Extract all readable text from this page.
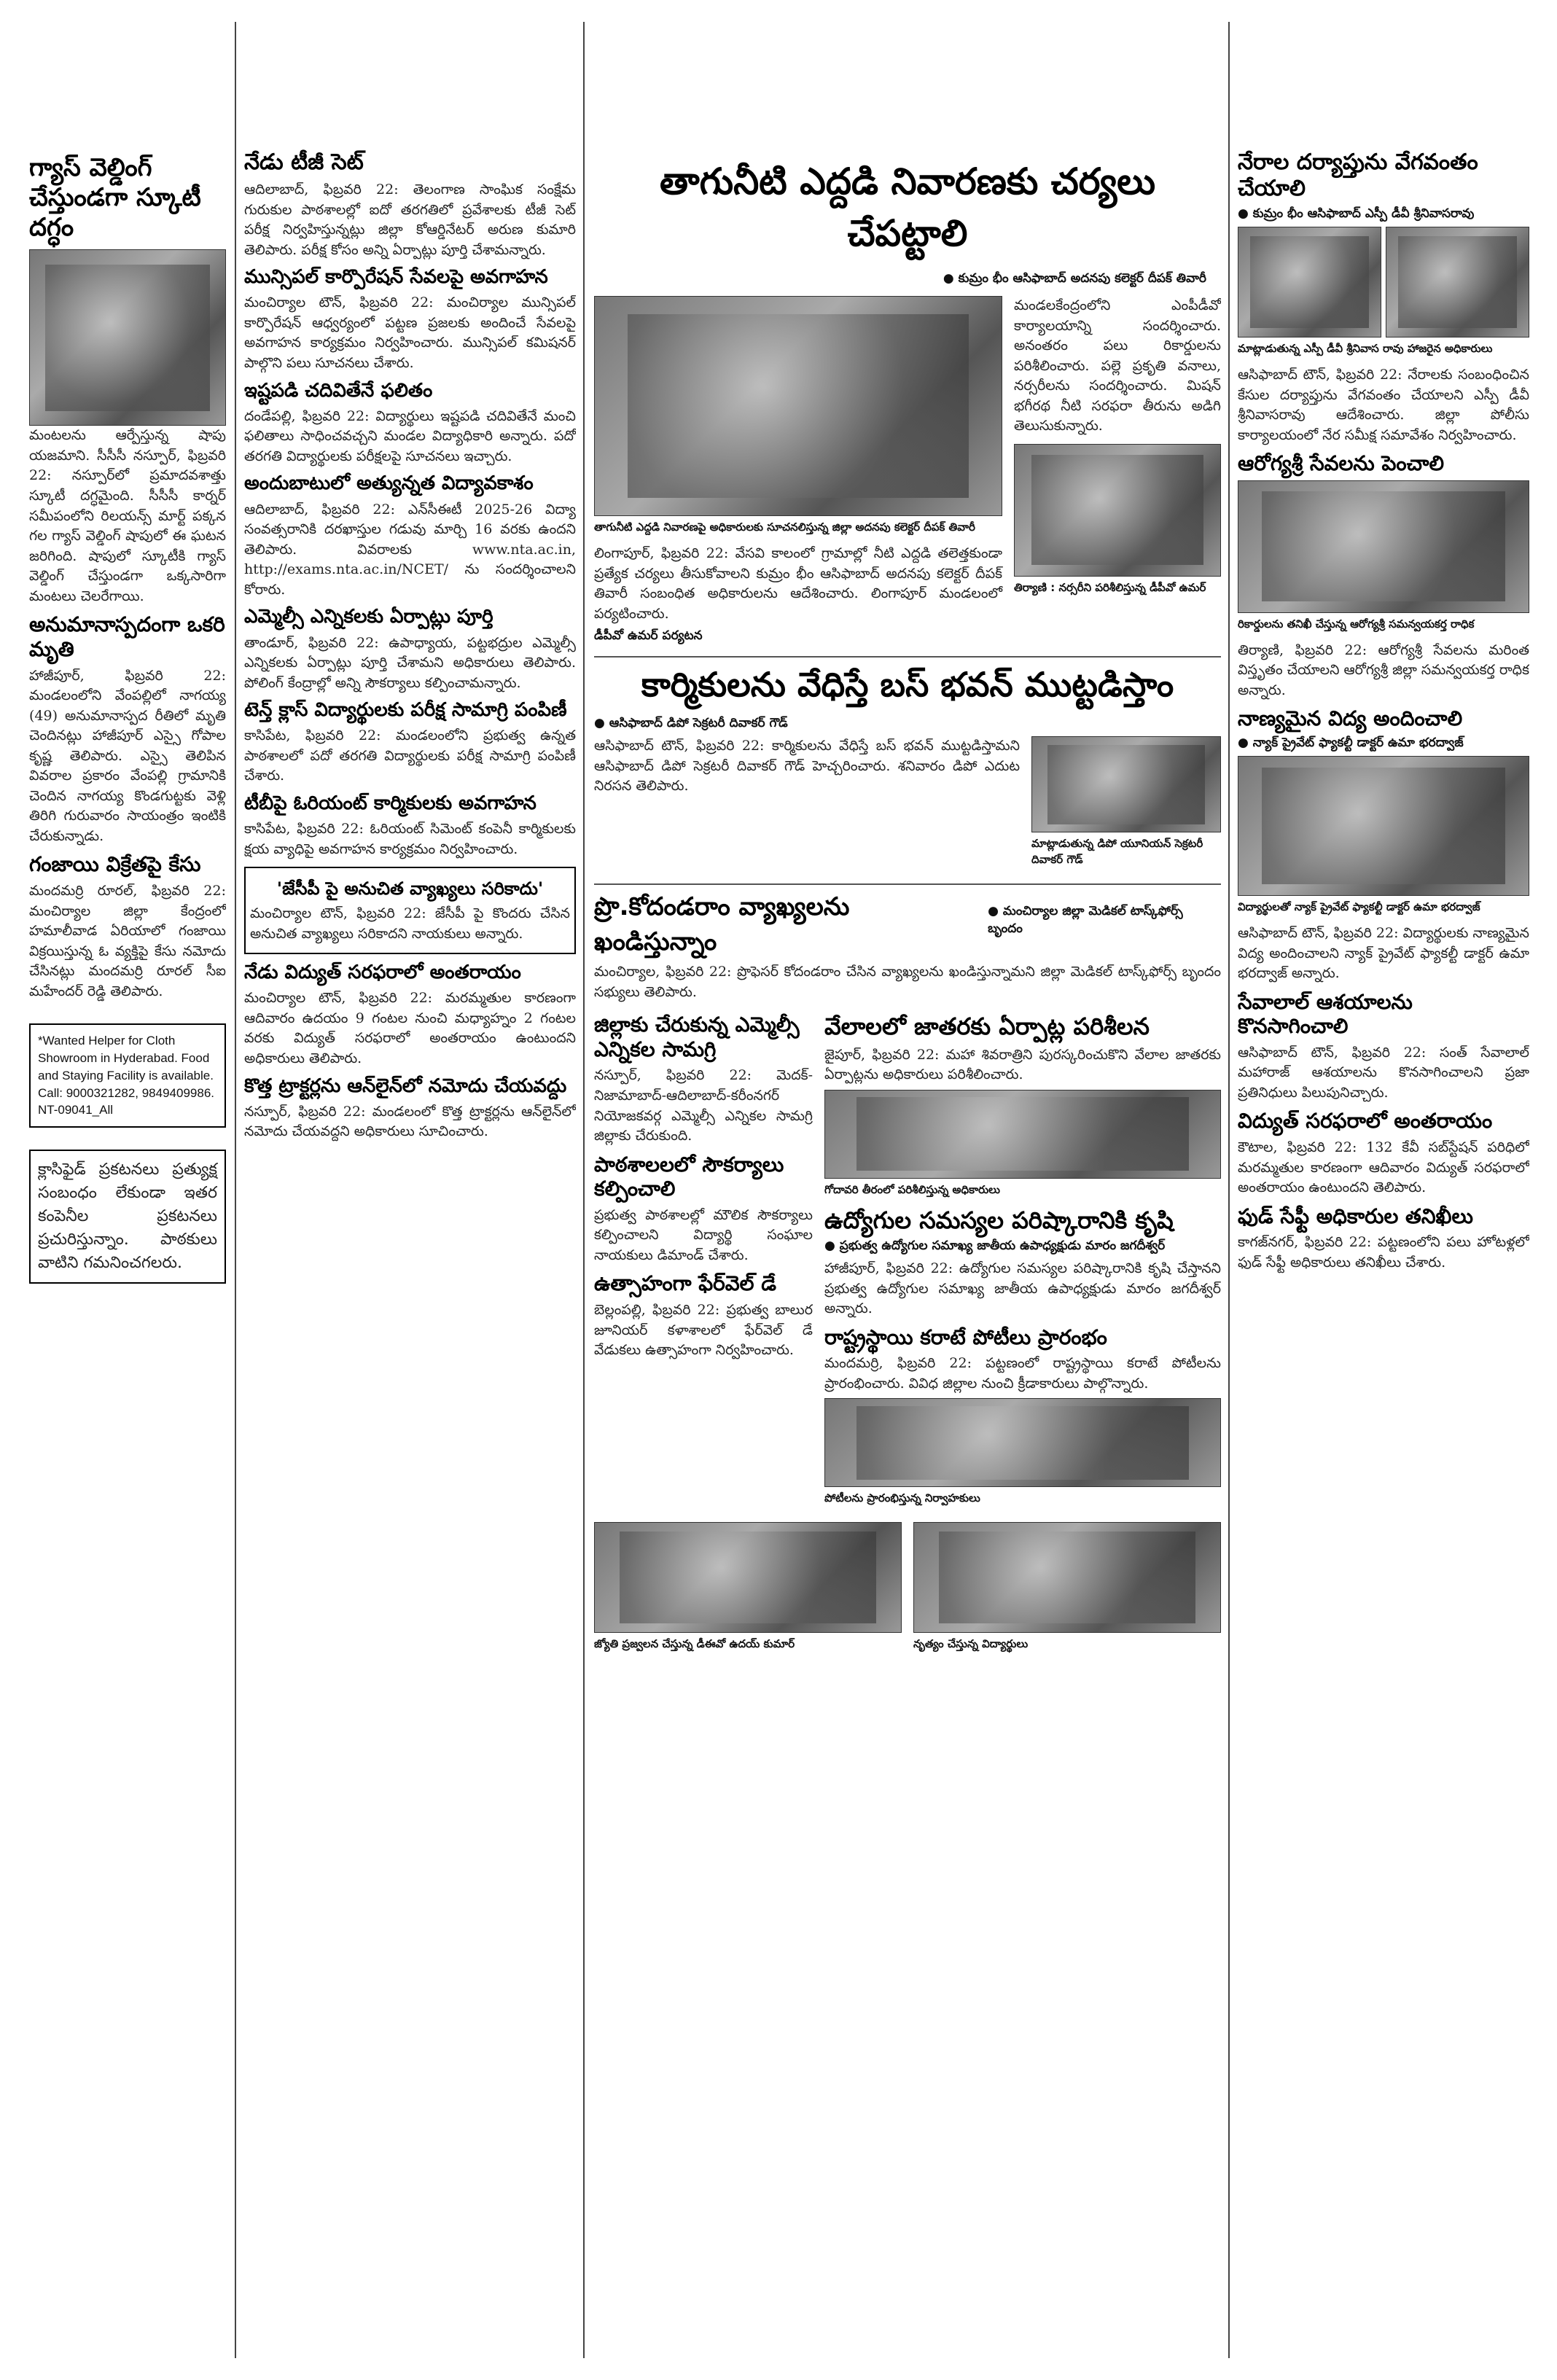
గ్యాస్ వెల్డింగ్ చేస్తుండగా స్కూటీ దగ్ధం

మంటలను ఆర్పేస్తున్న షాపు యజమాని. సీసీసీ నస్పూర్, ఫిబ్రవరి 22: నస్పూర్‌లో ప్రమాదవశాత్తు స్కూటీ దగ్ధమైంది. సీసీసీ కార్నర్ సమీపంలోని రిలయన్స్ మార్ట్ పక్కన గల గ్యాస్ వెల్డింగ్ షాపులో ఈ ఘటన జరిగింది. షాపులో స్కూటీకి గ్యాస్ వెల్డింగ్ చేస్తుండగా ఒక్కసారిగా మంటలు చెలరేగాయి.

అనుమానాస్పదంగా ఒకరి మృతి

హాజీపూర్, ఫిబ్రవరి 22: మండలంలోని వేంపల్లిలో నాగయ్య (49) అనుమానాస్పద రీతిలో మృతి చెందినట్లు హాజీపూర్ ఎస్సై గోపాల కృష్ణ తెలిపారు. ఎస్సై తెలిపిన వివరాల ప్రకారం వేంపల్లి గ్రామానికి చెందిన నాగయ్య కొండగుట్టకు వెళ్లి తిరిగి గురువారం సాయంత్రం ఇంటికి చేరుకున్నాడు.

గంజాయి విక్రేతపై కేసు

మందమర్రి రూరల్, ఫిబ్రవరి 22: మంచిర్యాల జిల్లా కేంద్రంలో హమాలీవాడ ఏరియాలో గంజాయి విక్రయిస్తున్న ఓ వ్యక్తిపై కేసు నమోదు చేసినట్లు మందమర్రి రూరల్ సీఐ మహేందర్ రెడ్డి తెలిపారు.

*Wanted Helper for Cloth Showroom in Hyderabad. Food and Staying Facility is available. Call: 9000321282, 9849409986. NT-09041_All

క్లాసిఫైడ్ ప్రకటనలు ప్రత్యుక్ష సంబంధం లేకుండా ఇతర కంపెనీల ప్రకటనలు ప్రచురిస్తున్నాం. పాఠకులు వాటిని గమనించగలరు.

నేడు టీజీ సెట్

ఆదిలాబాద్, ఫిబ్రవరి 22: తెలంగాణ సాంఘిక సంక్షేమ గురుకుల పాఠశాలల్లో ఐదో తరగతిలో ప్రవేశాలకు టీజీ సెట్ పరీక్ష నిర్వహిస్తున్నట్లు జిల్లా కోఆర్డినేటర్ అరుణ కుమారి తెలిపారు. పరీక్ష కోసం అన్ని ఏర్పాట్లు పూర్తి చేశామన్నారు.

మున్సిపల్ కార్పొరేషన్ సేవలపై అవగాహన

మంచిర్యాల టౌన్, ఫిబ్రవరి 22: మంచిర్యాల మున్సిపల్ కార్పొరేషన్ ఆధ్వర్యంలో పట్టణ ప్రజలకు అందించే సేవలపై అవగాహన కార్యక్రమం నిర్వహించారు. మున్సిపల్ కమిషనర్ పాల్గొని పలు సూచనలు చేశారు.

ఇష్టపడి చదివితేనే ఫలితం

దండేపల్లి, ఫిబ్రవరి 22: విద్యార్థులు ఇష్టపడి చదివితేనే మంచి ఫలితాలు సాధించవచ్చని మండల విద్యాధికారి అన్నారు. పదో తరగతి విద్యార్థులకు పరీక్షలపై సూచనలు ఇచ్చారు.

అందుబాటులో అత్యున్నత విద్యావకాశం

ఆదిలాబాద్, ఫిబ్రవరి 22: ఎన్‌సీఈటీ 2025-26 విద్యా సంవత్సరానికి దరఖాస్తుల గడువు మార్చి 16 వరకు ఉందని తెలిపారు. వివరాలకు www.nta.ac.in, http://exams.nta.ac.in/NCET/ ను సందర్శించాలని కోరారు.

ఎమ్మెల్సీ ఎన్నికలకు ఏర్పాట్లు పూర్తి

తాండూర్, ఫిబ్రవరి 22: ఉపాధ్యాయ, పట్టభద్రుల ఎమ్మెల్సీ ఎన్నికలకు ఏర్పాట్లు పూర్తి చేశామని అధికారులు తెలిపారు. పోలింగ్ కేంద్రాల్లో అన్ని సౌకర్యాలు కల్పించామన్నారు.

టెన్త్ క్లాస్ విద్యార్థులకు పరీక్ష సామాగ్రి పంపిణీ

కాసిపేట, ఫిబ్రవరి 22: మండలంలోని ప్రభుత్వ ఉన్నత పాఠశాలలో పదో తరగతి విద్యార్థులకు పరీక్ష సామాగ్రి పంపిణీ చేశారు.

టీబీపై ఓరియంట్ కార్మికులకు అవగాహన

కాసిపేట, ఫిబ్రవరి 22: ఓరియంట్ సిమెంట్ కంపెనీ కార్మికులకు క్షయ వ్యాధిపై అవగాహన కార్యక్రమం నిర్వహించారు.

'జేసీపీ పై అనుచిత వ్యాఖ్యలు సరికాదు'

మంచిర్యాల టౌన్, ఫిబ్రవరి 22: జేసీపీ పై కొందరు చేసిన అనుచిత వ్యాఖ్యలు సరికాదని నాయకులు అన్నారు.

నేడు విద్యుత్ సరఫరాలో అంతరాయం

మంచిర్యాల టౌన్, ఫిబ్రవరి 22: మరమ్మతుల కారణంగా ఆదివారం ఉదయం 9 గంటల నుంచి మధ్యాహ్నం 2 గంటల వరకు విద్యుత్ సరఫరాలో అంతరాయం ఉంటుందని అధికారులు తెలిపారు.

కొత్త ట్రాక్టర్లను ఆన్‌లైన్‌లో నమోదు చేయవద్దు

నస్పూర్, ఫిబ్రవరి 22: మండలంలో కొత్త ట్రాక్టర్లను ఆన్‌లైన్‌లో నమోదు చేయవద్దని అధికారులు సూచించారు.

తాగునీటి ఎద్దడి నివారణకు చర్యలు చేపట్టాలి
● కుమ్రం భీం ఆసిఫాబాద్ అదనపు కలెక్టర్ దీపక్ తివారీ
తాగునీటి ఎద్దడి నివారణపై అధికారులకు సూచనలిస్తున్న జిల్లా అదనపు కలెక్టర్ దీపక్ తివారీ

లింగాపూర్, ఫిబ్రవరి 22: వేసవి కాలంలో గ్రామాల్లో నీటి ఎద్దడి తలెత్తకుండా ప్రత్యేక చర్యలు తీసుకోవాలని కుమ్రం భీం ఆసిఫాబాద్ అదనపు కలెక్టర్ దీపక్ తివారీ సంబంధిత అధికారులను ఆదేశించారు. లింగాపూర్ మండలంలో పర్యటించారు.

డీపీవో ఉమర్ పర్యటన

మండలకేంద్రంలోని ఎంపీడీవో కార్యాలయాన్ని సందర్శించారు. అనంతరం పలు రికార్డులను పరిశీలించారు. పల్లె ప్రకృతి వనాలు, నర్సరీలను సందర్శించారు. మిషన్ భగీరథ నీటి సరఫరా తీరును అడిగి తెలుసుకున్నారు.

తిర్యాణి : నర్సరీని పరిశీలిస్తున్న డీపీవో ఉమర్
కార్మికులను వేధిస్తే బస్ భవన్ ముట్టడిస్తాం
● ఆసిఫాబాద్ డిపో సెక్రటరీ దివాకర్ గౌడ్

ఆసిఫాబాద్ టౌన్, ఫిబ్రవరి 22: కార్మికులను వేధిస్తే బస్ భవన్ ముట్టడిస్తామని ఆసిఫాబాద్ డిపో సెక్రటరీ దివాకర్ గౌడ్ హెచ్చరించారు. శనివారం డిపో ఎదుట నిరసన తెలిపారు.

మాట్లాడుతున్న డిపో యూనియన్ సెక్రటరీ దివాకర్ గౌడ్
ప్రొ.కోదండరాం వ్యాఖ్యలను ఖండిస్తున్నాం
● మంచిర్యాల జిల్లా మెడికల్ టాస్క్‌ఫోర్స్ బృందం

మంచిర్యాల, ఫిబ్రవరి 22: ప్రొఫెసర్ కోదండరాం చేసిన వ్యాఖ్యలను ఖండిస్తున్నామని జిల్లా మెడికల్ టాస్క్‌ఫోర్స్ బృందం సభ్యులు తెలిపారు.

జిల్లాకు చేరుకున్న ఎమ్మెల్సీ ఎన్నికల సామగ్రి

నస్పూర్, ఫిబ్రవరి 22: మెదక్-నిజామాబాద్-ఆదిలాబాద్-కరీంనగర్ నియోజకవర్గ ఎమ్మెల్సీ ఎన్నికల సామగ్రి జిల్లాకు చేరుకుంది.

పాఠశాలలలో సౌకర్యాలు కల్పించాలి

ప్రభుత్వ పాఠశాలల్లో మౌలిక సౌకర్యాలు కల్పించాలని విద్యార్థి సంఘాల నాయకులు డిమాండ్ చేశారు.

ఉత్సాహంగా ఫేర్‌వెల్ డే

బెల్లంపల్లి, ఫిబ్రవరి 22: ప్రభుత్వ బాలుర జూనియర్ కళాశాలలో ఫేర్‌వెల్ డే వేడుకలు ఉత్సాహంగా నిర్వహించారు.

వేలాలలో జాతరకు ఏర్పాట్ల పరిశీలన

జైపూర్, ఫిబ్రవరి 22: మహా శివరాత్రిని పురస్కరించుకొని వేలాల జాతరకు ఏర్పాట్లను అధికారులు పరిశీలించారు.

గోదావరి తీరంలో పరిశీలిస్తున్న అధికారులు
ఉద్యోగుల సమస్యల పరిష్కారానికి కృషి
● ప్రభుత్వ ఉద్యోగుల సమాఖ్య జాతీయ ఉపాధ్యక్షుడు మారం జగదీశ్వర్

హాజీపూర్, ఫిబ్రవరి 22: ఉద్యోగుల సమస్యల పరిష్కారానికి కృషి చేస్తానని ప్రభుత్వ ఉద్యోగుల సమాఖ్య జాతీయ ఉపాధ్యక్షుడు మారం జగదీశ్వర్ అన్నారు.

రాష్ట్రస్థాయి కరాటే పోటీలు ప్రారంభం

మందమర్రి, ఫిబ్రవరి 22: పట్టణంలో రాష్ట్రస్థాయి కరాటే పోటీలను ప్రారంభించారు. వివిధ జిల్లాల నుంచి క్రీడాకారులు పాల్గొన్నారు.

పోటీలను ప్రారంభిస్తున్న నిర్వాహకులు
జ్యోతి ప్రజ్వలన చేస్తున్న డీఈవో ఉదయ్ కుమార్	నృత్యం చేస్తున్న విద్యార్థులు
నేరాల దర్యాప్తును వేగవంతం చేయాలి
● కుమ్రం భీం ఆసిఫాబాద్ ఎస్పీ డీవీ శ్రీనివాసరావు
మాట్లాడుతున్న ఎస్పీ డీవీ శ్రీనివాస రావు హాజరైన అధికారులు

ఆసిఫాబాద్ టౌన్, ఫిబ్రవరి 22: నేరాలకు సంబంధించిన కేసుల దర్యాప్తును వేగవంతం చేయాలని ఎస్పీ డీవీ శ్రీనివాసరావు ఆదేశించారు. జిల్లా పోలీసు కార్యాలయంలో నేర సమీక్ష సమావేశం నిర్వహించారు.

ఆరోగ్యశ్రీ సేవలను పెంచాలి
రికార్డులను తనిఖీ చేస్తున్న ఆరోగ్యశ్రీ సమన్వయకర్త రాధిక

తిర్యాణి, ఫిబ్రవరి 22: ఆరోగ్యశ్రీ సేవలను మరింత విస్తృతం చేయాలని ఆరోగ్యశ్రీ జిల్లా సమన్వయకర్త రాధిక అన్నారు.

నాణ్యమైన విద్య అందించాలి
● న్యాక్ ప్రైవేట్ ఫ్యాకల్టీ డాక్టర్ ఉమా భరద్వాజ్
విద్యార్థులతో న్యాక్ ప్రైవేట్ ఫ్యాకల్టీ డాక్టర్ ఉమా భరద్వాజ్

ఆసిఫాబాద్ టౌన్, ఫిబ్రవరి 22: విద్యార్థులకు నాణ్యమైన విద్య అందించాలని న్యాక్ ప్రైవేట్ ఫ్యాకల్టీ డాక్టర్ ఉమా భరద్వాజ్ అన్నారు.

సేవాలాల్ ఆశయాలను కొనసాగించాలి

ఆసిఫాబాద్ టౌన్, ఫిబ్రవరి 22: సంత్ సేవాలాల్ మహారాజ్ ఆశయాలను కొనసాగించాలని ప్రజా ప్రతినిధులు పిలుపునిచ్చారు.

విద్యుత్ సరఫరాలో అంతరాయం

కౌటాల, ఫిబ్రవరి 22: 132 కేవీ సబ్‌స్టేషన్ పరిధిలో మరమ్మతుల కారణంగా ఆదివారం విద్యుత్ సరఫరాలో అంతరాయం ఉంటుందని తెలిపారు.

ఫుడ్ సేఫ్టీ అధికారుల తనిఖీలు

కాగజ్‌నగర్, ఫిబ్రవరి 22: పట్టణంలోని పలు హోటళ్లలో ఫుడ్ సేఫ్టీ అధికారులు తనిఖీలు చేశారు.
